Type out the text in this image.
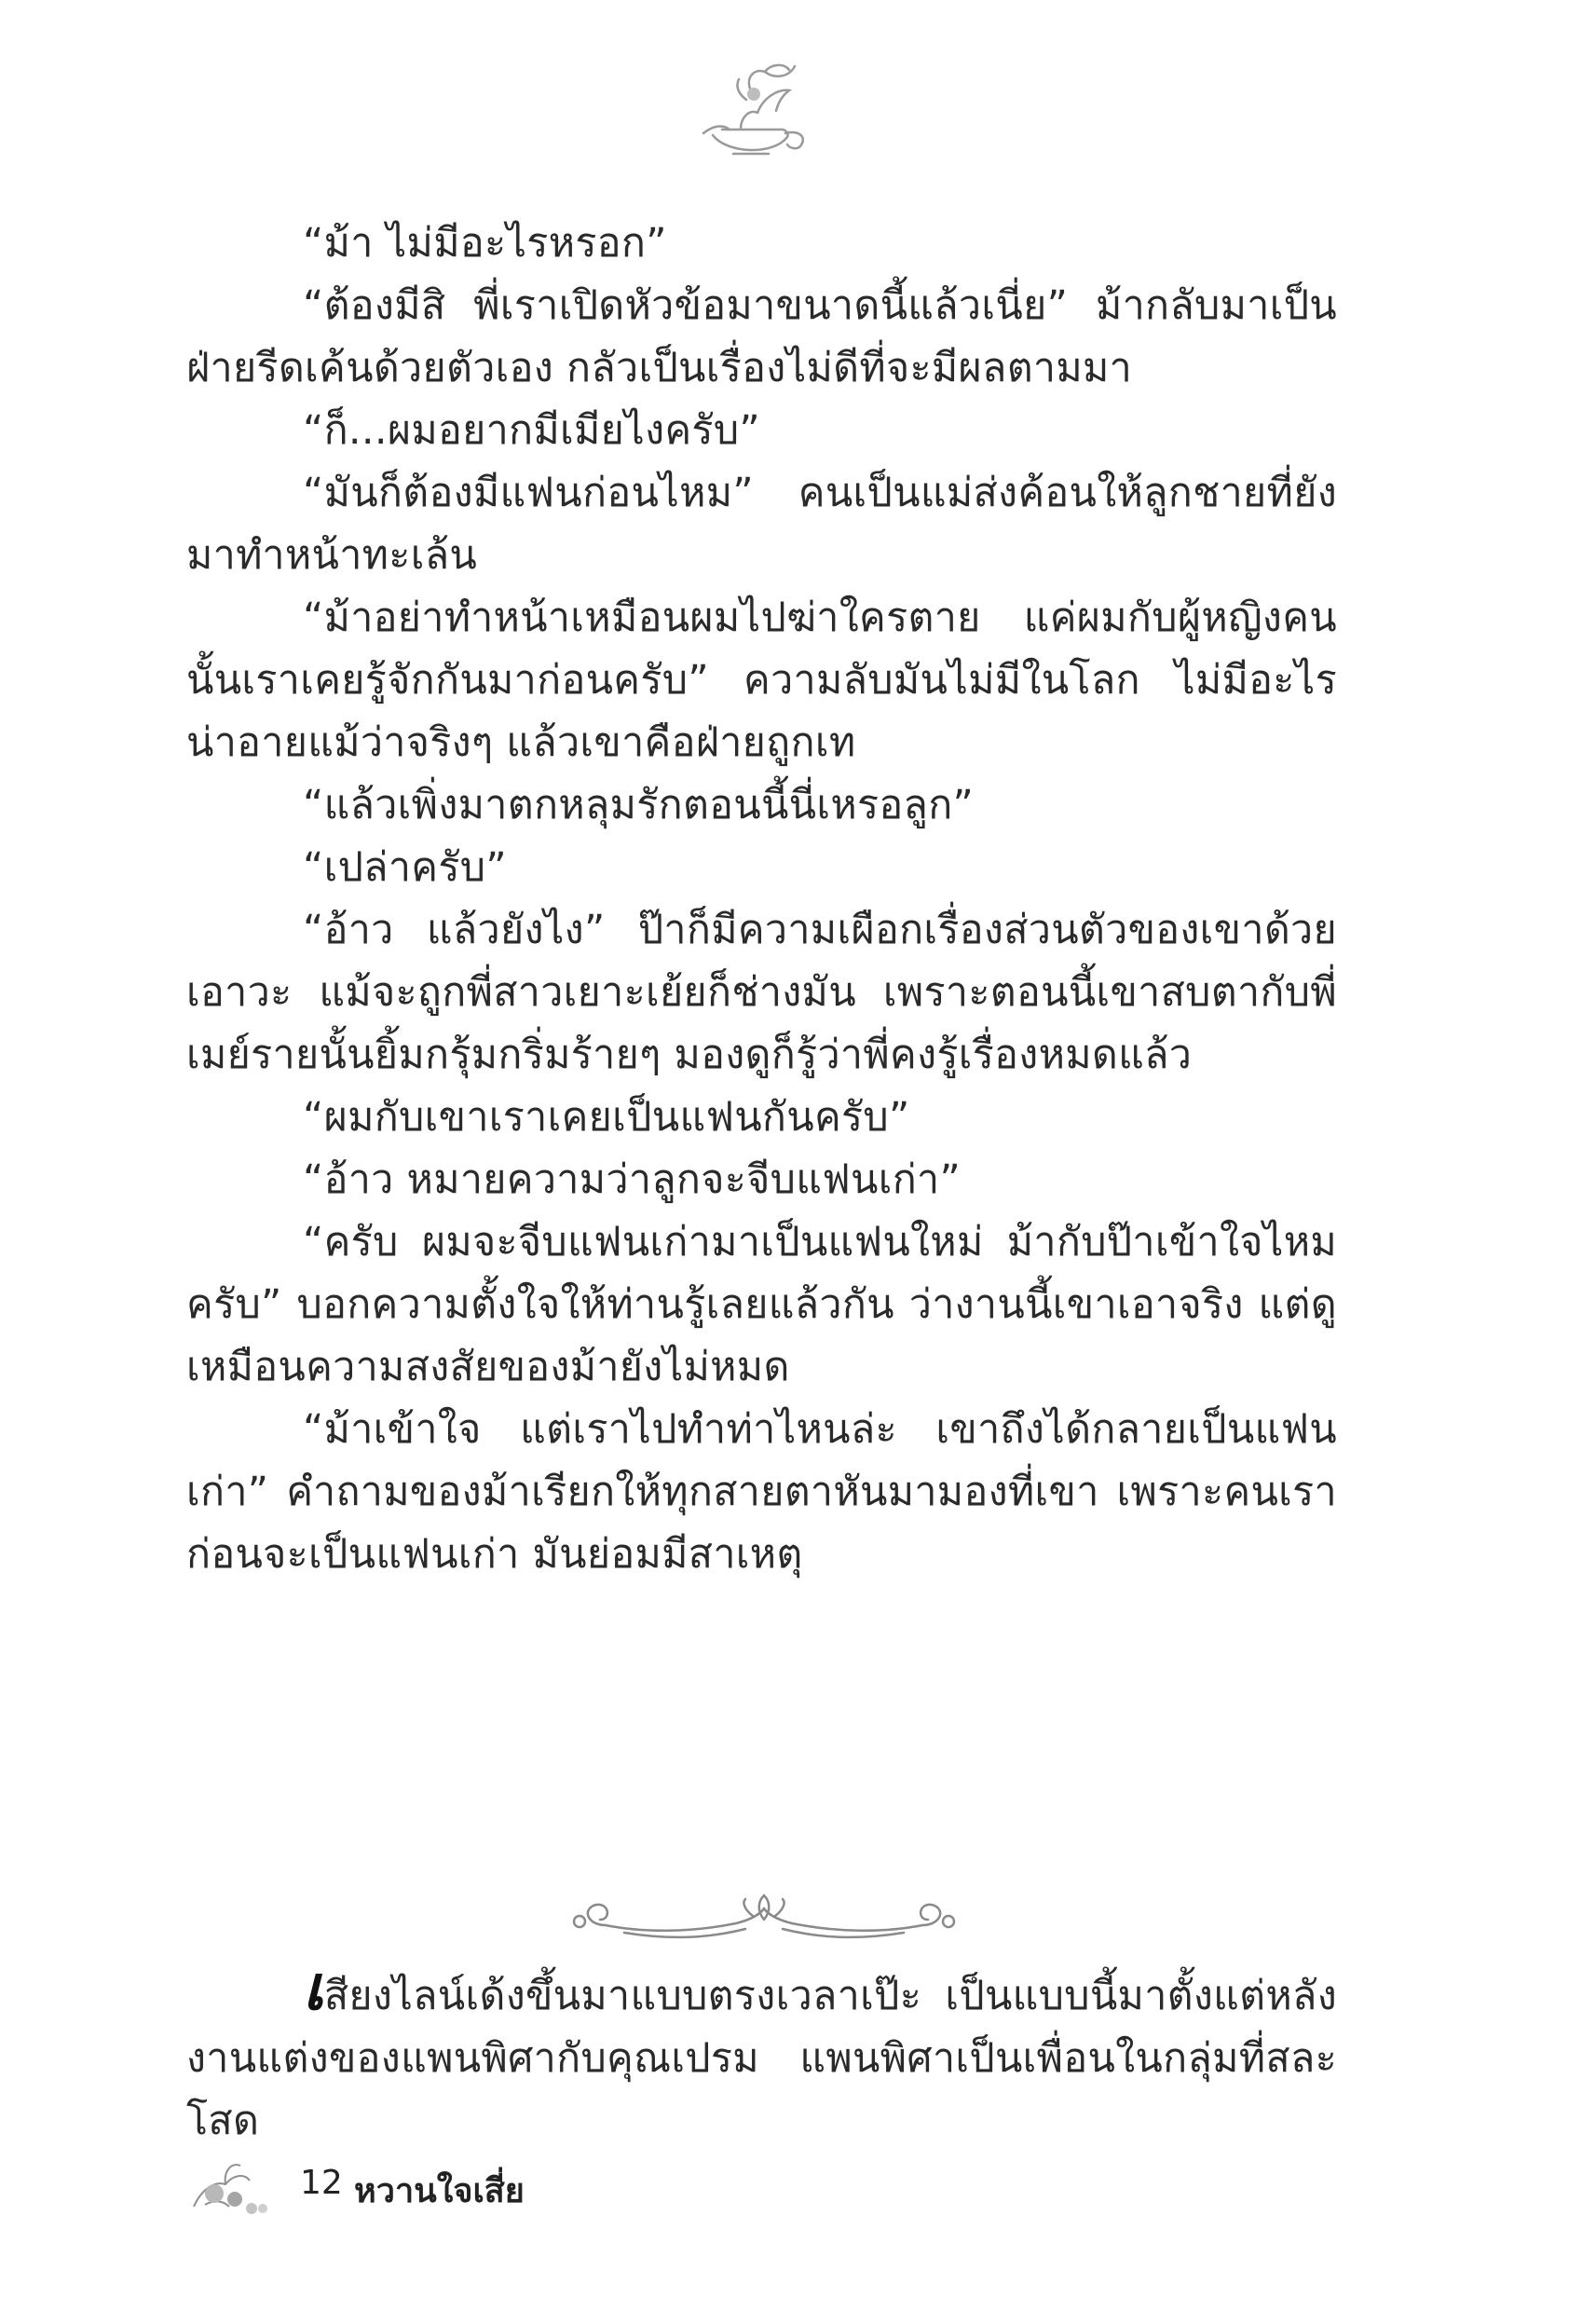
“ม้า ไม่มีอะไรหรอก”

“ต้องมีสิ พี่เราเปิดหัวข้อมาขนาดนี้แล้วเนี่ย” ม้ากลับมาเป็นฝ่ายรีดเค้นด้วยตัวเอง กลัวเป็นเรื่องไม่ดีที่จะมีผลตามมา

“ก็...ผมอยากมีเมียไงครับ”

“มันก็ต้องมีแฟนก่อนไหม” คนเป็นแม่ส่งค้อนให้ลูกชายที่ยังมาทำหน้าทะเล้น

“ม้าอย่าทำหน้าเหมือนผมไปฆ่าใครตาย แค่ผมกับผู้หญิงคนนั้นเราเคยรู้จักกันมาก่อนครับ” ความลับมันไม่มีในโลก ไม่มีอะไรน่าอายแม้ว่าจริงๆ แล้วเขาคือฝ่ายถูกเท

“แล้วเพิ่งมาตกหลุมรักตอนนี้นี่เหรอลูก”

“เปล่าครับ”

“อ้าว แล้วยังไง” ป๊าก็มีความเผือกเรื่องส่วนตัวของเขาด้วยเอาวะ แม้จะถูกพี่สาวเยาะเย้ยก็ช่างมัน เพราะตอนนี้เขาสบตากับพี่เมย์รายนั้นยิ้มกรุ้มกริ่มร้ายๆ มองดูก็รู้ว่าพี่คงรู้เรื่องหมดแล้ว

“ผมกับเขาเราเคยเป็นแฟนกันครับ”

“อ้าว หมายความว่าลูกจะจีบแฟนเก่า”

“ครับ ผมจะจีบแฟนเก่ามาเป็นแฟนใหม่ ม้ากับป๊าเข้าใจไหมครับ” บอกความตั้งใจให้ท่านรู้เลยแล้วกัน ว่างานนี้เขาเอาจริง แต่ดูเหมือนความสงสัยของม้ายังไม่หมด

“ม้าเข้าใจ แต่เราไปทำท่าไหนล่ะ เขาถึงได้กลายเป็นแฟนเก่า” คำถามของม้าเรียกให้ทุกสายตาหันมามองที่เขา เพราะคนเราก่อนจะเป็นแฟนเก่า มันย่อมมีสาเหตุ

เสียงไลน์เด้งขึ้นมาแบบตรงเวลาเป๊ะ เป็นแบบนี้มาตั้งแต่หลังงานแต่งของแพนพิศากับคุณเปรม แพนพิศาเป็นเพื่อนในกลุ่มที่สละโสด

12 หวานใจเสี่ย
